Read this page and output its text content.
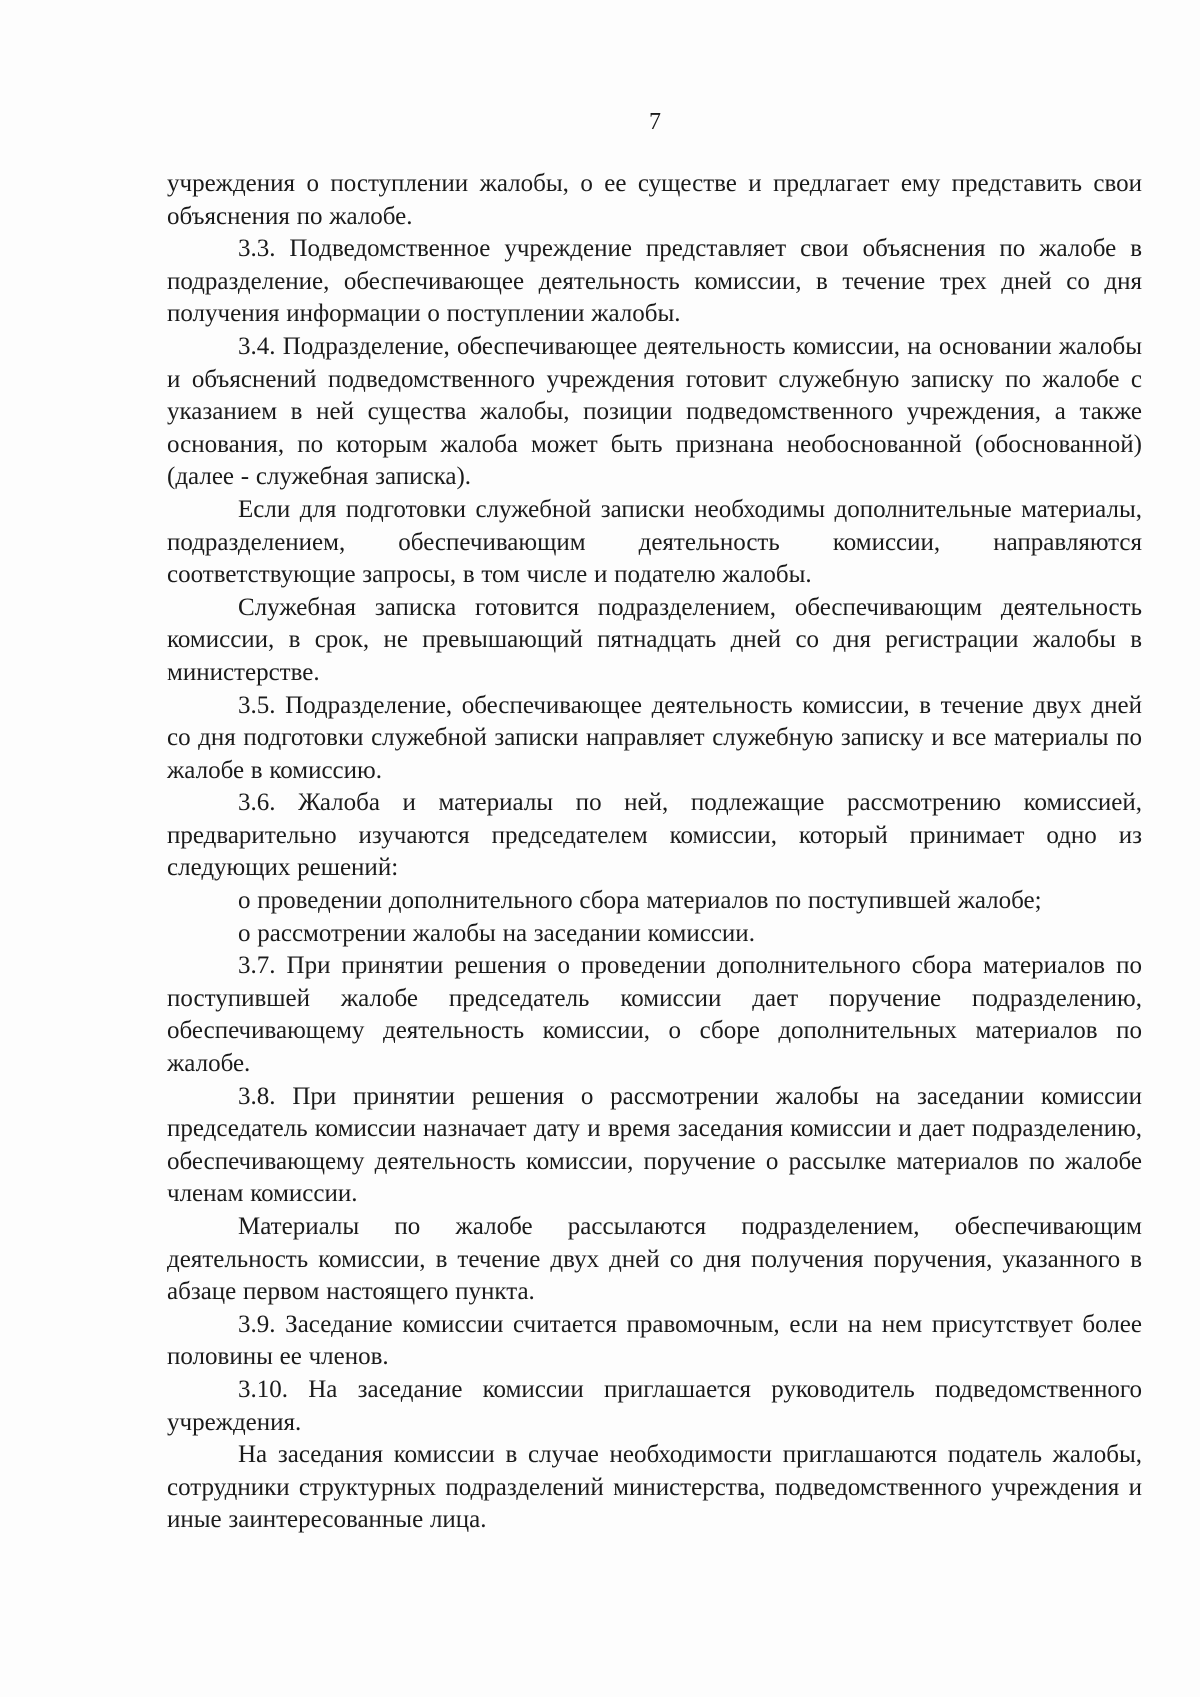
7

учреждения о поступлении жалобы, о ее существе и предлагает ему представить свои объяснения по жалобе.

3.3. Подведомственное учреждение представляет свои объяснения по жалобе в подразделение, обеспечивающее деятельность комиссии, в течение трех дней со дня получения информации о поступлении жалобы.

3.4. Подразделение, обеспечивающее деятельность комиссии, на основании жалобы и объяснений подведомственного учреждения готовит служебную записку по жалобе с указанием в ней существа жалобы, позиции подведомственного учреждения, а также основания, по которым жалоба может быть признана необоснованной (обоснованной) (далее - служебная записка).

Если для подготовки служебной записки необходимы дополнительные материалы, подразделением, обеспечивающим деятельность комиссии, направляются соответствующие запросы, в том числе и подателю жалобы.

Служебная записка готовится подразделением, обеспечивающим деятельность комиссии, в срок, не превышающий пятнадцать дней со дня регистрации жалобы в министерстве.

3.5. Подразделение, обеспечивающее деятельность комиссии, в течение двух дней со дня подготовки служебной записки направляет служебную записку и все материалы по жалобе в комиссию.

3.6. Жалоба и материалы по ней, подлежащие рассмотрению комиссией, предварительно изучаются председателем комиссии, который принимает одно из следующих решений:

о проведении дополнительного сбора материалов по поступившей жалобе;

о рассмотрении жалобы на заседании комиссии.

3.7. При принятии решения о проведении дополнительного сбора материалов по поступившей жалобе председатель комиссии дает поручение подразделению, обеспечивающему деятельность комиссии, о сборе дополнительных материалов по жалобе.

3.8. При принятии решения о рассмотрении жалобы на заседании комиссии председатель комиссии назначает дату и время заседания комиссии и дает подразделению, обеспечивающему деятельность комиссии, поручение о рассылке материалов по жалобе членам комиссии.

Материалы по жалобе рассылаются подразделением, обеспечивающим деятельность комиссии, в течение двух дней со дня получения поручения, указанного в абзаце первом настоящего пункта.

3.9. Заседание комиссии считается правомочным, если на нем присутствует более половины ее членов.

3.10. На заседание комиссии приглашается руководитель подведомственного учреждения.

На заседания комиссии в случае необходимости приглашаются податель жалобы, сотрудники структурных подразделений министерства, подведомственного учреждения и иные заинтересованные лица.
